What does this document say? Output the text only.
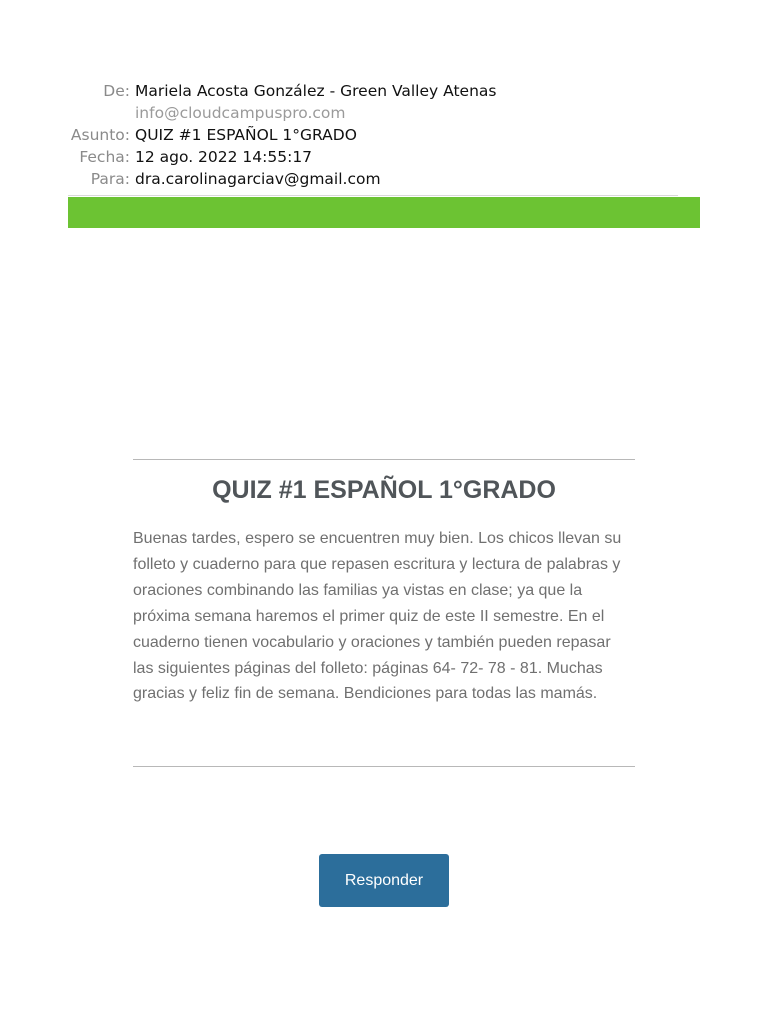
De: Mariela Acosta González - Green Valley Atenas
info@cloudcampuspro.com
Asunto: QUIZ #1 ESPAÑOL 1°GRADO
Fecha: 12 ago. 2022 14:55:17
Para: dra.carolinagarciav@gmail.com
QUIZ #1 ESPAÑOL 1°GRADO

Buenas tardes, espero se encuentren muy bien. Los chicos llevan su folleto y cuaderno para que repasen escritura y lectura de palabras y oraciones combinando las familias ya vistas en clase; ya que la próxima semana haremos el primer quiz de este II semestre. En el cuaderno tienen vocabulario y oraciones y también pueden repasar las siguientes páginas del folleto: páginas 64- 72- 78 - 81. Muchas gracias y feliz fin de semana. Bendiciones para todas las mamás.

Responder
